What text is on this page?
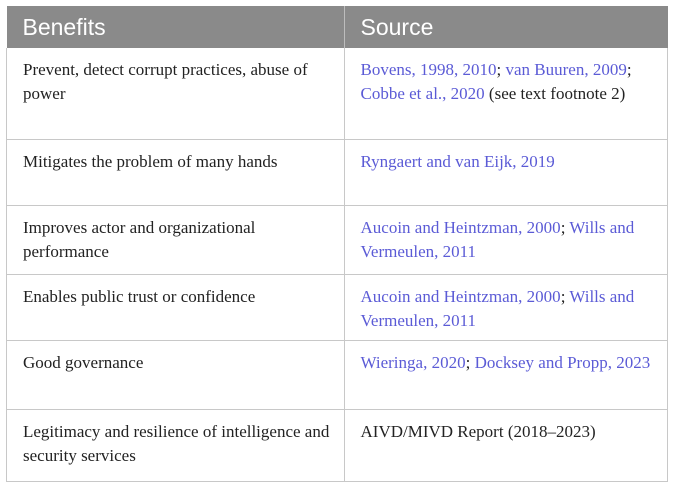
Benefits	Source
Prevent, detect corrupt practices, abuse of power	Bovens, 1998, 2010; van Buuren, 2009; Cobbe et al., 2020 (see text footnote 2)
Mitigates the problem of many hands	Ryngaert and van Eijk, 2019
Improves actor and organizational performance	Aucoin and Heintzman, 2000; Wills and Vermeulen, 2011
Enables public trust or confidence	Aucoin and Heintzman, 2000; Wills and Vermeulen, 2011
Good governance	Wieringa, 2020; Docksey and Propp, 2023
Legitimacy and resilience of intelligence and security services	AIVD/MIVD Report (2018–2023)
